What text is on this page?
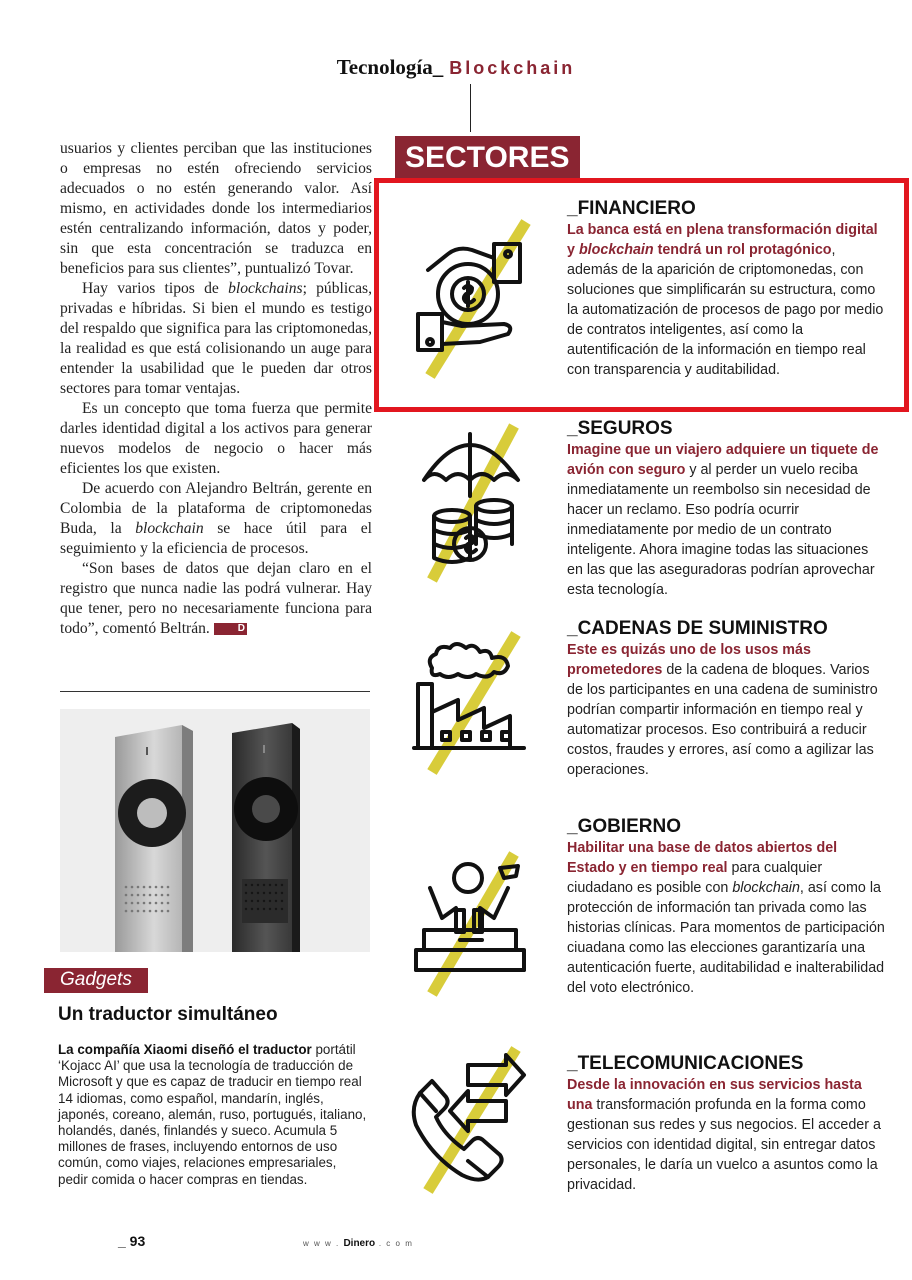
Tecnología_ Blockchain

usuarios y clientes perciban que las instituciones o empresas no estén ofreciendo servicios adecuados o no estén generando valor. Así mismo, en actividades donde los intermediarios estén centralizando información, datos y poder, sin que esta concentración se traduzca en beneficios para sus clientes”, puntualizó Tovar.

Hay varios tipos de blockchains; públicas, privadas e híbridas. Si bien el mundo es testigo del respaldo que significa para las criptomonedas, la realidad es que está colisionando un auge para entender la usabilidad que le pueden dar otros sectores para tomar ventajas.

Es un concepto que toma fuerza que permite darles identidad digital a los activos para generar nuevos modelos de negocio o hacer más eficientes los que existen.

De acuerdo con Alejandro Beltrán, gerente en Colombia de la plataforma de criptomonedas Buda, la blockchain se hace útil para el seguimiento y la eficiencia de procesos.

“Son bases de datos que dejan claro en el registro que nunca nadie las podrá vulnerar. Hay que tener, pero no necesariamente funciona para todo”, comentó Beltrán.	D

Gadgets
Un traductor simultáneo
La compañía Xiaomi diseñó el traductor portátil ‘Kojacc AI’ que usa la tecnología de traducción de Microsoft y que es capaz de traducir en tiempo real 14 idiomas, como español, mandarín, inglés, japonés, coreano, alemán, ruso, portugués, italiano, holandés, danés, finlandés y sueco. Acumula 5 millones de frases, incluyendo entornos de uso común, como viajes, relaciones empresariales, pedir comida o hacer compras en tiendas.
_ 93	w w w . Dinero . c o m
SECTORES
_FINANCIERO
La banca está en plena transformación digital y blockchain tendrá un rol protagónico, además de la aparición de criptomonedas, con soluciones que simplificarán su estructura, como la automatización de procesos de pago por medio de contratos inteligentes, así como la autentificación de la información en tiempo real con transparencia y auditabilidad.
_SEGUROS
Imagine que un viajero adquiere un tiquete de avión con seguro y al perder un vuelo reciba inmediatamente un reembolso sin necesidad de hacer un reclamo. Eso podría ocurrir inmediatamente por medio de un contrato inteligente. Ahora imagine todas las situaciones en las que las aseguradoras podrían aprovechar esta tecnología.
_CADENAS DE SUMINISTRO
Este es quizás uno de los usos más prometedores de la cadena de bloques. Varios de los participantes en una cadena de suministro podrían compartir información en tiempo real y automatizar procesos. Eso contribuirá a reducir costos, fraudes y errores, así como a agilizar las operaciones.
_GOBIERNO
Habilitar una base de datos abiertos del Estado y en tiempo real para cualquier ciudadano es posible con blockchain, así como la protección de información tan privada como las historias clínicas. Para momentos de participación ciuadana como las elecciones garantizaría una autenticación fuerte, auditabilidad e inalterabilidad del voto electrónico.
_TELECOMUNICACIONES
Desde la innovación en sus servicios hasta una transformación profunda en la forma como gestionan sus redes y sus negocios. El acceder a servicios con identidad digital, sin entregar datos personales, le daría un vuelco a asuntos como la privacidad.
